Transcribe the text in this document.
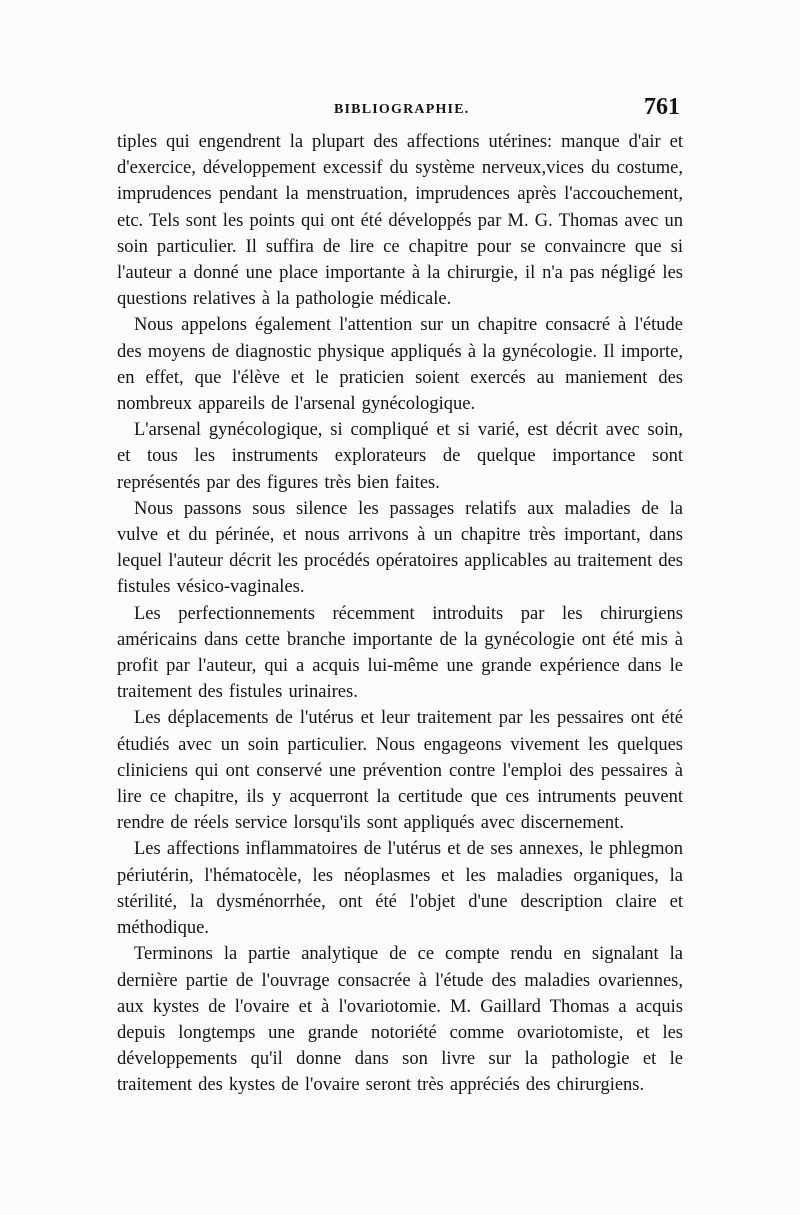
BIBLIOGRAPHIE.	761

tiples qui engendrent la plupart des affections utérines: manque d'air et d'exercice, développement excessif du système nerveux,vices du costume, imprudences pendant la menstruation, imprudences après l'accouchement, etc. Tels sont les points qui ont été développés par M. G. Thomas avec un soin particulier. Il suffira de lire ce chapitre pour se convaincre que si l'auteur a donné une place importante à la chirurgie, il n'a pas négligé les questions relatives à la pathologie médicale.

Nous appelons également l'attention sur un chapitre consacré à l'étude des moyens de diagnostic physique appliqués à la gynécologie. Il importe, en effet, que l'élève et le praticien soient exercés au maniement des nombreux appareils de l'arsenal gynécologique.

L'arsenal gynécologique, si compliqué et si varié, est décrit avec soin, et tous les instruments explorateurs de quelque importance sont représentés par des figures très bien faites.

Nous passons sous silence les passages relatifs aux maladies de la vulve et du périnée, et nous arrivons à un chapitre très important, dans lequel l'auteur décrit les procédés opératoires applicables au traitement des fistules vésico-vaginales.

Les perfectionnements récemment introduits par les chirurgiens américains dans cette branche importante de la gynécologie ont été mis à profit par l'auteur, qui a acquis lui-même une grande expérience dans le traitement des fistules urinaires.

Les déplacements de l'utérus et leur traitement par les pessaires ont été étudiés avec un soin particulier. Nous engageons vivement les quelques cliniciens qui ont conservé une prévention contre l'emploi des pessaires à lire ce chapitre, ils y acquerront la certitude que ces intruments peuvent rendre de réels service lorsqu'ils sont appliqués avec discernement.

Les affections inflammatoires de l'utérus et de ses annexes, le phlegmon périutérin, l'hématocèle, les néoplasmes et les maladies organiques, la stérilité, la dysménorrhée, ont été l'objet d'une description claire et méthodique.

Terminons la partie analytique de ce compte rendu en signalant la dernière partie de l'ouvrage consacrée à l'étude des maladies ovariennes, aux kystes de l'ovaire et à l'ovariotomie. M. Gaillard Thomas a acquis depuis longtemps une grande notoriété comme ovariotomiste, et les développements qu'il donne dans son livre sur la pathologie et le traitement des kystes de l'ovaire seront très appréciés des chirurgiens.
